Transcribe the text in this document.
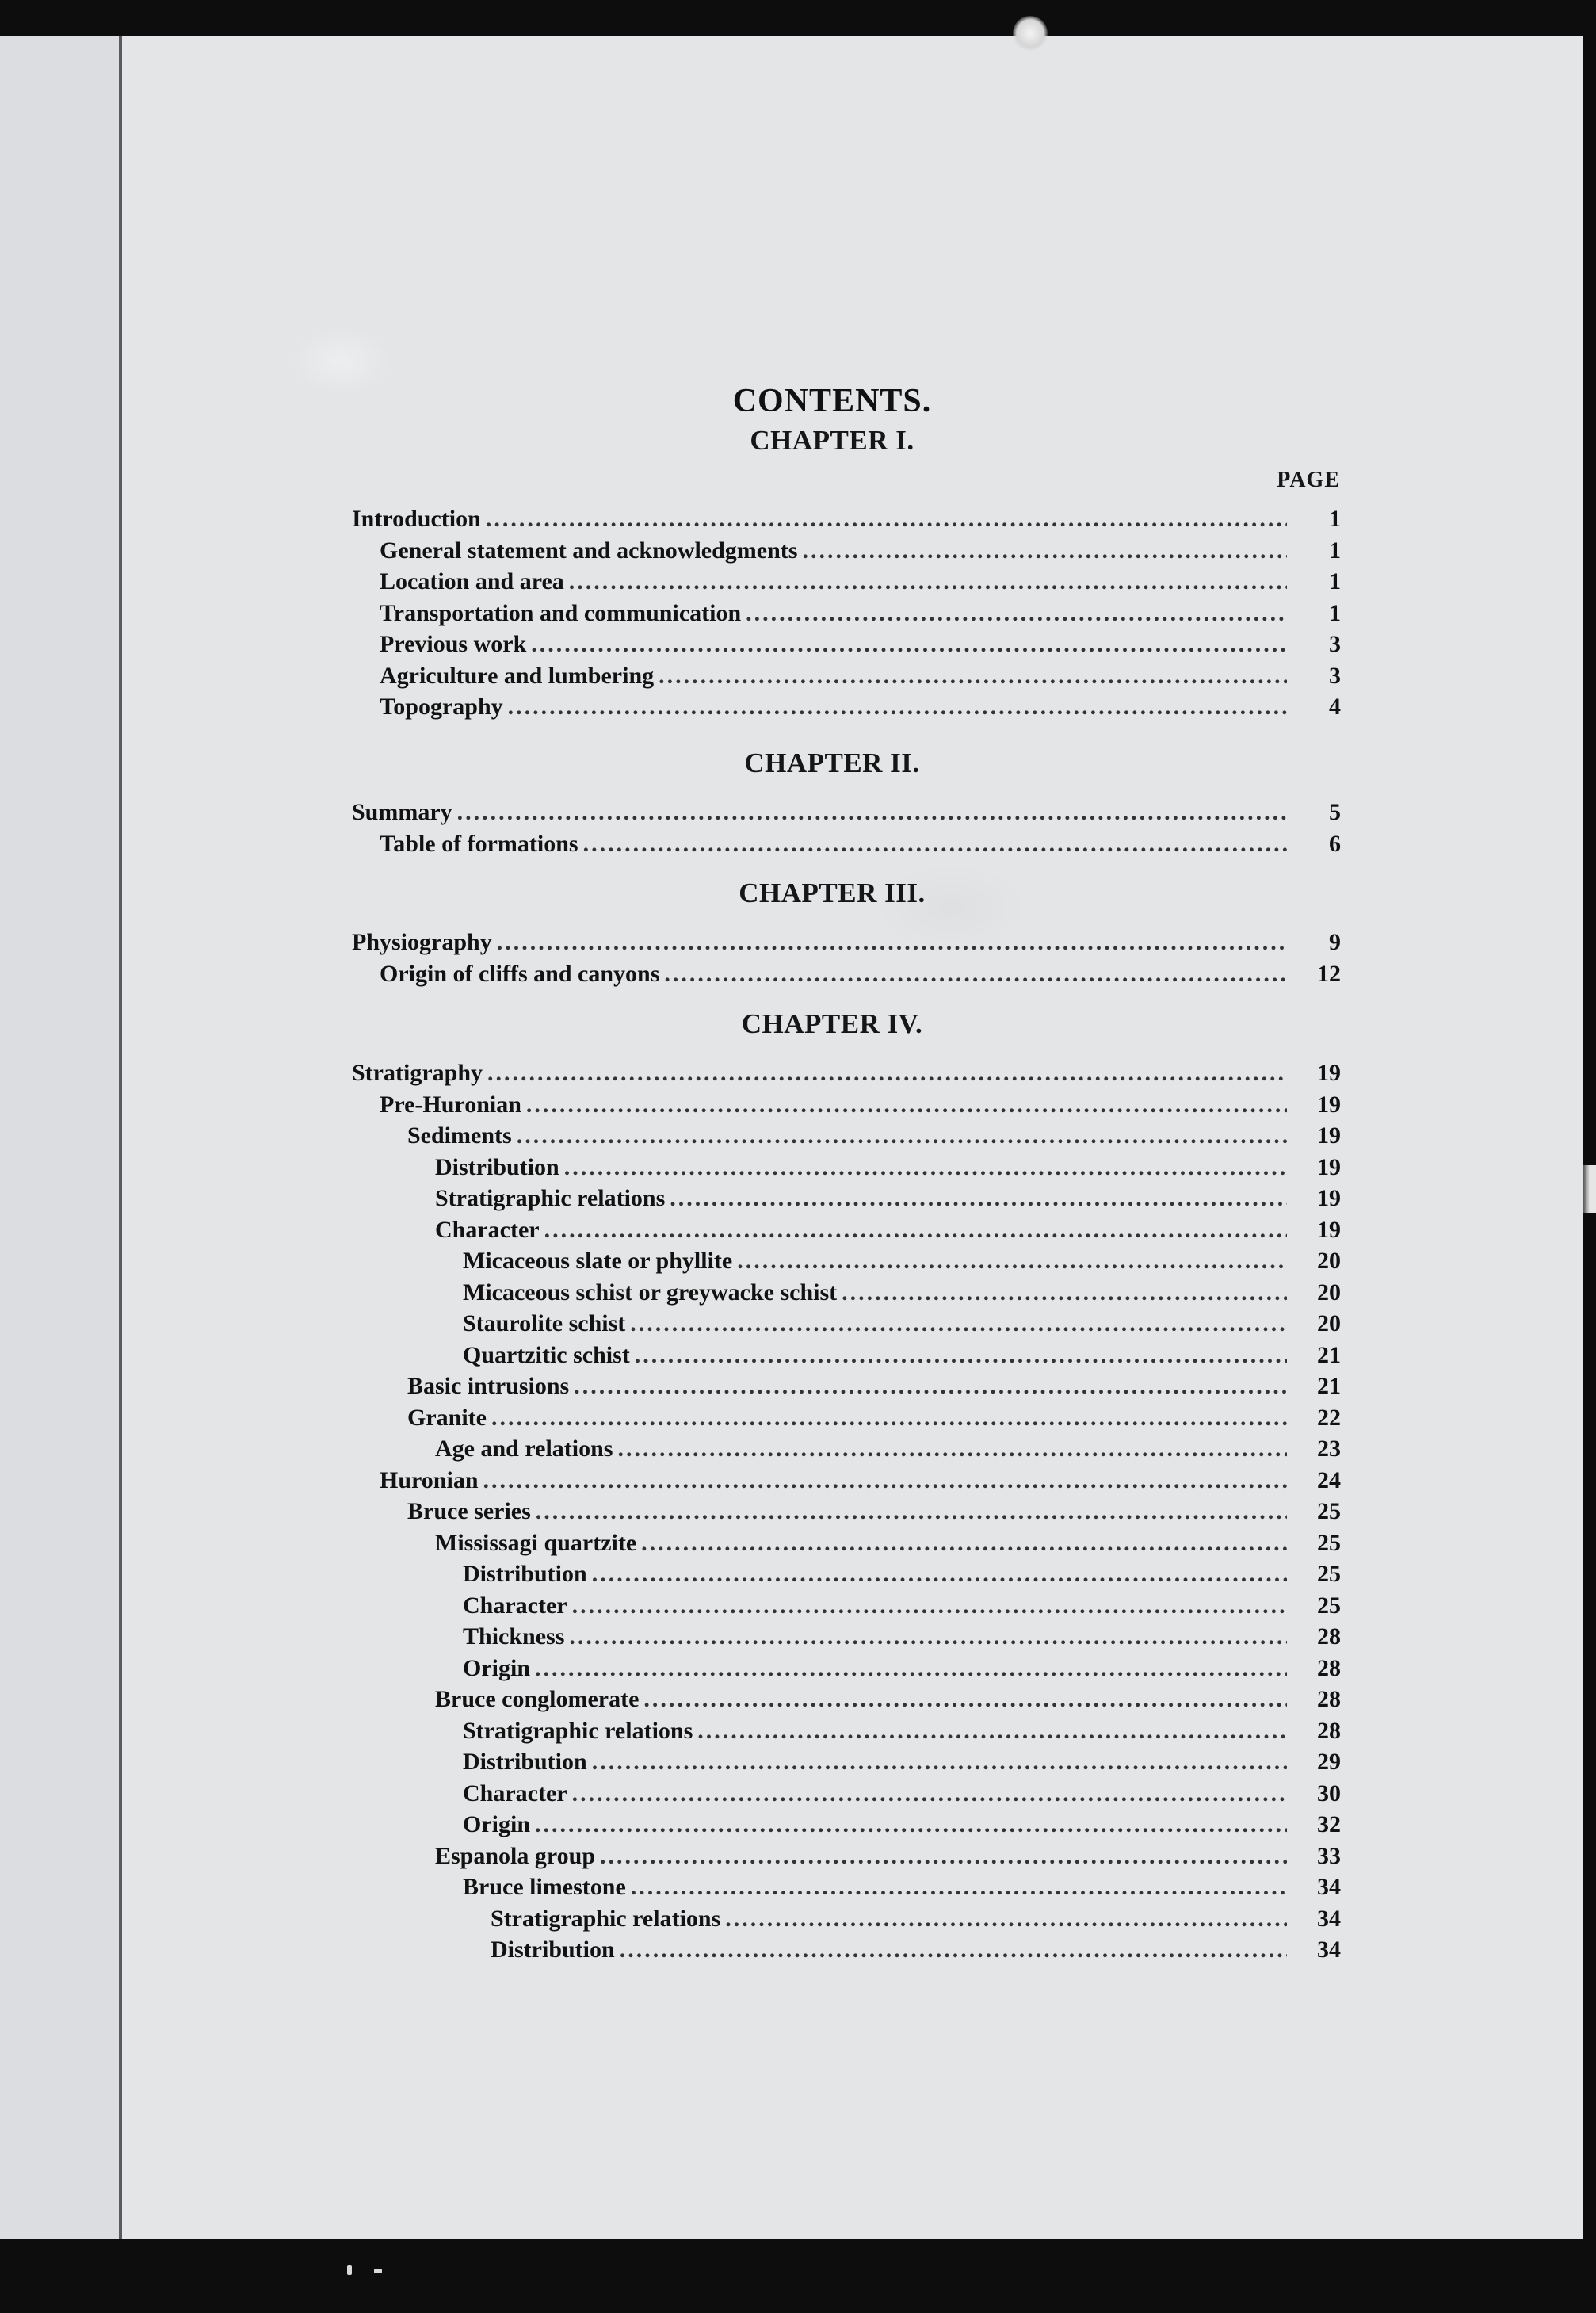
CONTENTS.
PAGE
CHAPTER I.
Introduction .....	1
General statement and acknowledgments .....	1
Location and area .....	1
Transportation and communication .....	1
Previous work .....	3
Agriculture and lumbering .....	3
Topography .....	4
CHAPTER II.
Summary .....	5
Table of formations .....	6
CHAPTER III.
Physiography .....	9
Origin of cliffs and canyons .....	12
CHAPTER IV.
Stratigraphy .....	19
Pre-Huronian .....	19
Sediments .....	19
Distribution .....	19
Stratigraphic relations .....	19
Character .....	19
Micaceous slate or phyllite .....	20
Micaceous schist or greywacke schist .....	20
Staurolite schist .....	20
Quartzitic schist .....	21
Basic intrusions .....	21
Granite .....	22
Age and relations .....	23
Huronian .....	24
Bruce series .....	25
Mississagi quartzite .....	25
Distribution .....	25
Character .....	25
Thickness .....	28
Origin .....	28
Bruce conglomerate .....	28
Stratigraphic relations .....	28
Distribution .....	29
Character .....	30
Origin .....	32
Espanola group .....	33
Bruce limestone .....	34
Stratigraphic relations .....	34
Distribution .....	34
